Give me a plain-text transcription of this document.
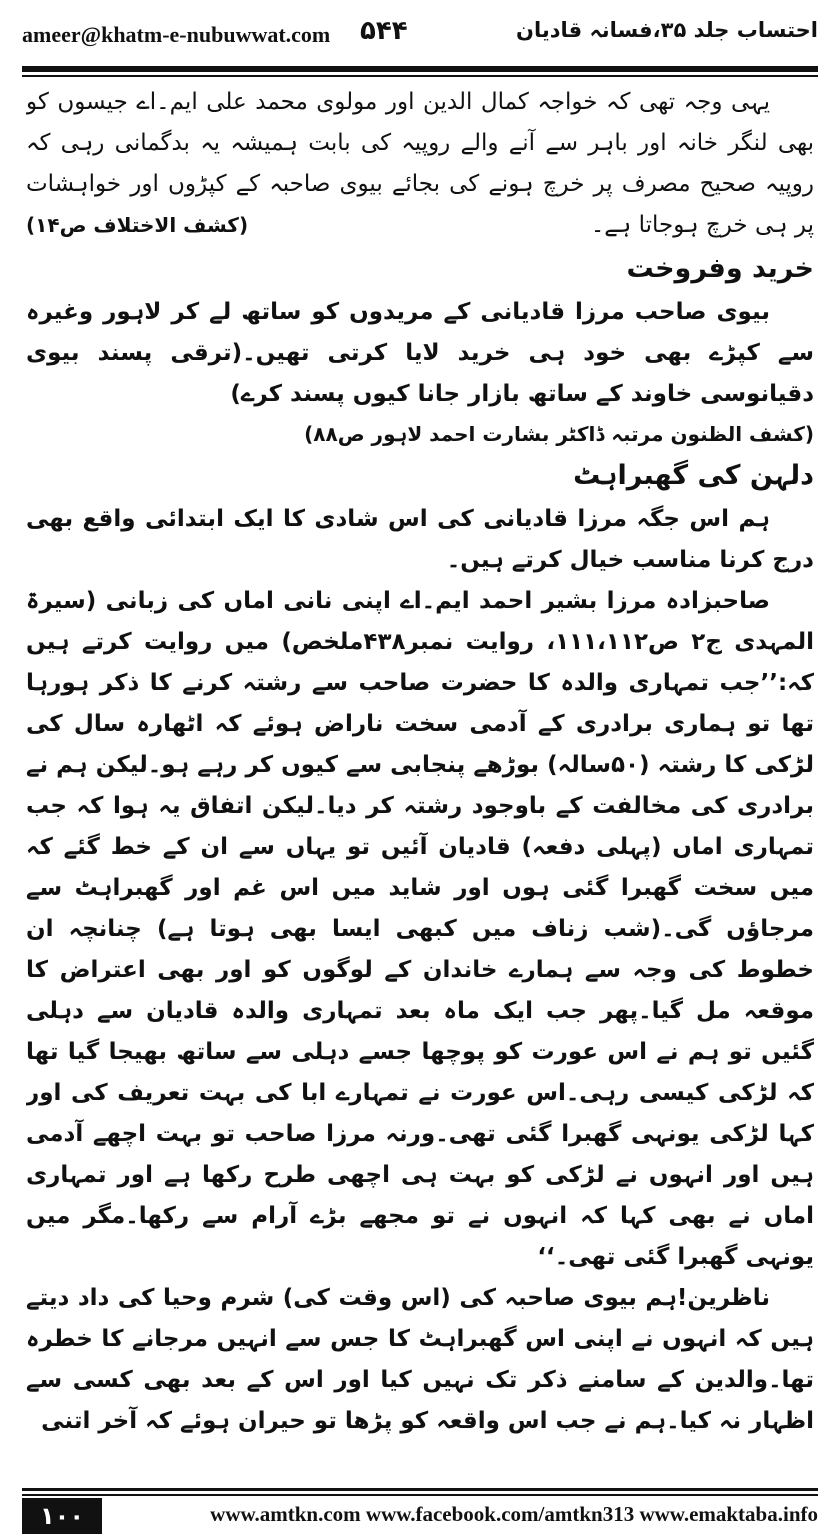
ameer@khatm-e-nubuwwat.com ۵۴۴	احتساب جلد ۳۵،فسانہ قادیان

یہی وجہ تھی کہ خواجہ کمال الدین اور مولوی محمد علی ایم۔اے جیسوں کو بھی لنگر خانہ اور باہر سے آنے والے روپیہ کی بابت ہمیشہ یہ بدگمانی رہی کہ روپیہ صحیح مصرف پر خرچ ہونے کی بجائے بیوی صاحبہ کے کپڑوں اور خواہشات پر ہی خرچ ہوجاتا ہے۔
(کشف الاختلاف ص۱۴)

خرید وفروخت

بیوی صاحب مرزا قادیانی کے مریدوں کو ساتھ لے کر لاہور وغیرہ سے کپڑے بھی خود ہی خرید لایا کرتی تھیں۔(ترقی پسند بیوی دقیانوسی خاوند کے ساتھ بازار جانا کیوں پسند کرے)

(کشف الظنون مرتبہ ڈاکٹر بشارت احمد لاہور ص۸۸)

دلہن کی گھبراہٹ

ہم اس جگہ مرزا قادیانی کی اس شادی کا ایک ابتدائی واقع بھی درج کرنا مناسب خیال کرتے ہیں۔

صاحبزادہ مرزا بشیر احمد ایم۔اے اپنی نانی اماں کی زبانی (سیرۃ المہدی ج۲ ص۱۱۱،۱۱۲، روایت نمبر۴۳۸ملخص) میں روایت کرتے ہیں کہ:’’جب تمہاری والدہ کا حضرت صاحب سے رشتہ کرنے کا ذکر ہورہا تھا تو ہماری برادری کے آدمی سخت ناراض ہوئے کہ اٹھارہ سال کی لڑکی کا رشتہ (۵۰سالہ) بوڑھے پنجابی سے کیوں کر رہے ہو۔لیکن ہم نے برادری کی مخالفت کے باوجود رشتہ کر دیا۔لیکن اتفاق یہ ہوا کہ جب تمہاری اماں (پہلی دفعہ) قادیان آئیں تو یہاں سے ان کے خط گئے کہ میں سخت گھبرا گئی ہوں اور شاید میں اس غم اور گھبراہٹ سے مرجاؤں گی۔(شب زناف میں کبھی ایسا بھی ہوتا ہے) چنانچہ ان خطوط کی وجہ سے ہمارے خاندان کے لوگوں کو اور بھی اعتراض کا موقعہ مل گیا۔پھر جب ایک ماہ بعد تمہاری والدہ قادیان سے دہلی گئیں تو ہم نے اس عورت کو پوچھا جسے دہلی سے ساتھ بھیجا گیا تھا کہ لڑکی کیسی رہی۔اس عورت نے تمہارے ابا کی بہت تعریف کی اور کہا لڑکی یونہی گھبرا گئی تھی۔ورنہ مرزا صاحب تو بہت اچھے آدمی ہیں اور انہوں نے لڑکی کو بہت ہی اچھی طرح رکھا ہے اور تمہاری اماں نے بھی کہا کہ انہوں نے تو مجھے بڑے آرام سے رکھا۔مگر میں یونہی گھبرا گئی تھی۔‘‘

ناظرین!ہم بیوی صاحبہ کی (اس وقت کی) شرم وحیا کی داد دیتے ہیں کہ انہوں نے اپنی اس گھبراہٹ کا جس سے انہیں مرجانے کا خطرہ تھا۔والدین کے سامنے ذکر تک نہیں کیا اور اس کے بعد بھی کسی سے اظہار نہ کیا۔ہم نے جب اس واقعہ کو پڑھا تو حیران ہوئے کہ آخر اتنی

۱۰۰	www.amtkn.com www.facebook.com/amtkn313 www.emaktaba.info
